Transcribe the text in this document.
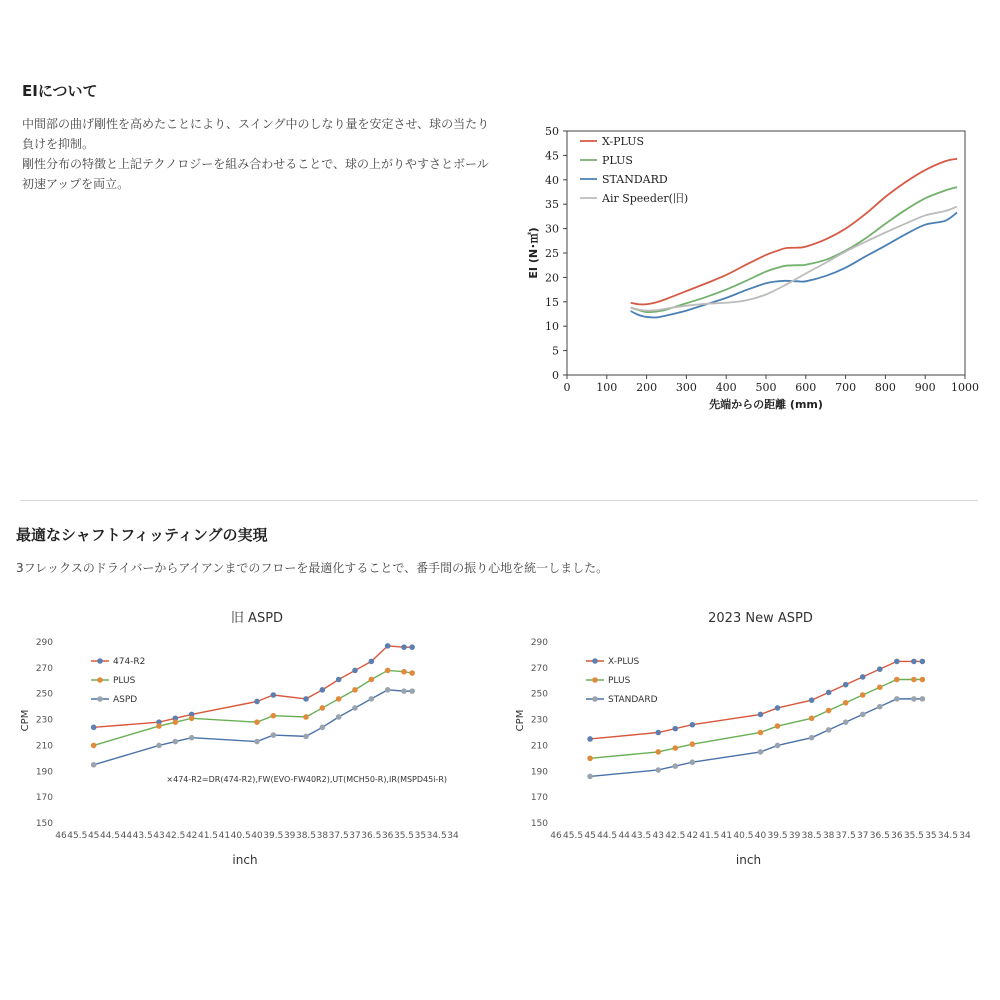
EIについて

中間部の曲げ剛性を高めたことにより、スイング中のしなり量を安定させ、球の当たり

負けを抑制。

剛性分布の特徴と上記テクノロジーを組み合わせることで、球の上がりやすさとボール

初速アップを両立。

0
5
10
15
20
25
30
35
40
45
50
0 100 200 300 400 500 600 700 800 900 1000
先端からの距離 (mm)
EI (N･㎡)
X-PLUS
PLUS
STANDARD
Air Speeder(旧)
最適なシャフトフィッティングの実現

3フレックスのドライバーからアイアンまでのフローを最適化することで、番手間の振り心地を統一しました。

旧 ASPD
150
170
190
210
230
250
270
290
46 45.5 45 44.5 44 43.5 43 42.5 42 41.5 41 40.5 40 39.5 39 38.5 38 37.5 37 36.5 36 35.5 35 34.5 34
inch
CPM
474-R2
PLUS
ASPD
×474-R2=DR(474-R2),FW(EVO-FW40R2),UT(MCH50-R),IR(MSPD45i-R)
2023 New ASPD
150
170
190
210
230
250
270
290
46 45.5 45 44.5 44 43.5 43 42.5 42 41.5 41 40.5 40 39.5 39 38.5 38 37.5 37 36.5 36 35.5 35 34.5 34
inch
CPM
X-PLUS
PLUS
STANDARD
